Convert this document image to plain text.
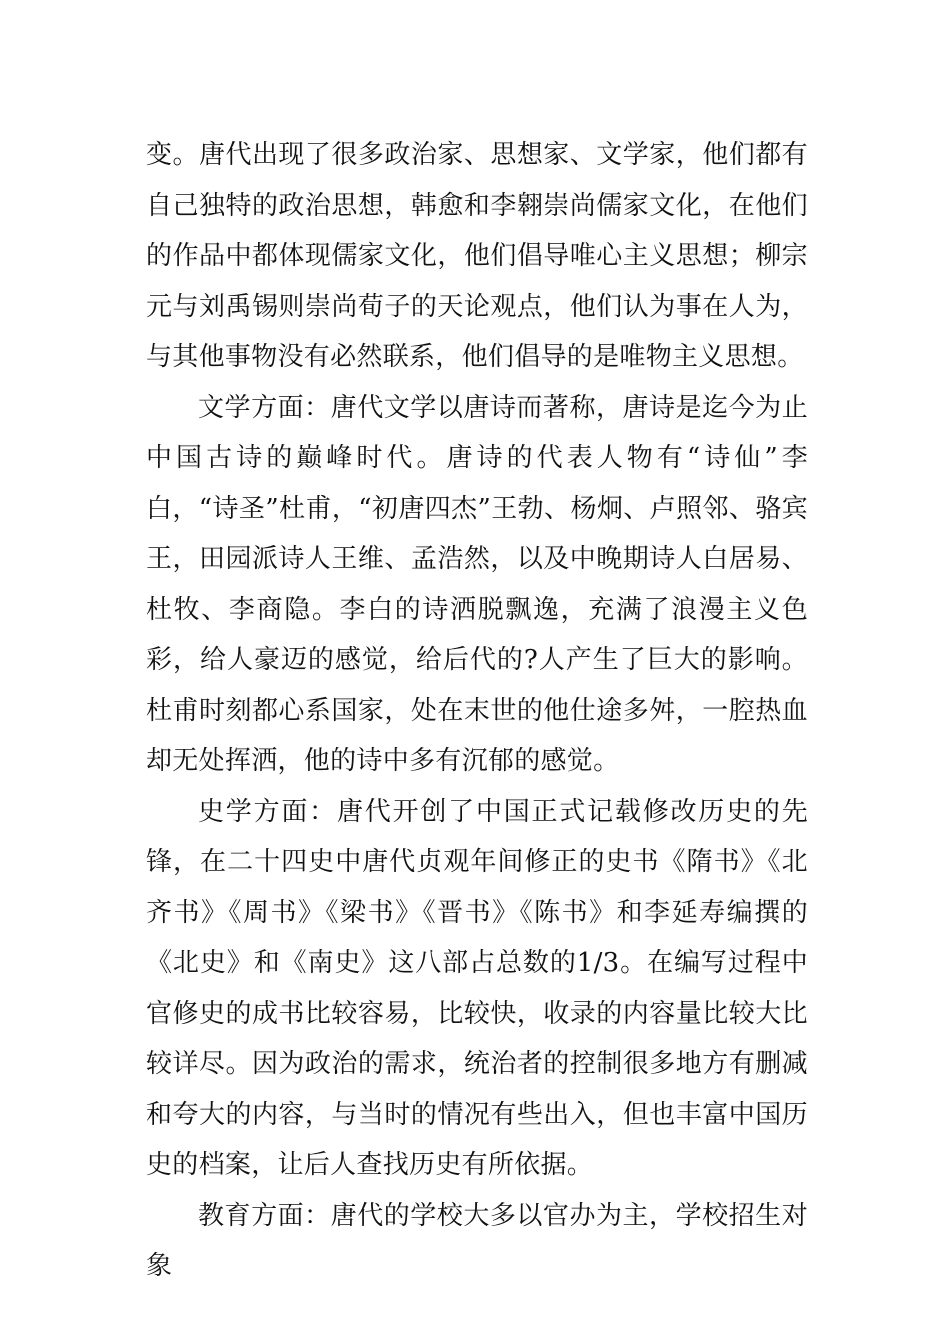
变。唐代出现了很多政治家、思想家、文学家，他们都有自己独特的政治思想，韩愈和李翱崇尚儒家文化，在他们的作品中都体现儒家文化，他们倡导唯心主义思想；柳宗元与刘禹锡则崇尚荀子的天论观点，他们认为事在人为，与其他事物没有必然联系，他们倡导的是唯物主义思想。

文学方面：唐代文学以唐诗而著称，唐诗是迄今为止中国古诗的巅峰时代。唐诗的代表人物有“诗仙”李白，“诗圣”杜甫，“初唐四杰”王勃、杨炯、卢照邻、骆宾王，田园派诗人王维、孟浩然，以及中晚期诗人白居易、杜牧、李商隐。李白的诗洒脱飘逸，充满了浪漫主义色彩，给人豪迈的感觉，给后代的?人产生了巨大的影响。杜甫时刻都心系国家，处在末世的他仕途多舛，一腔热血却无处挥洒，他的诗中多有沉郁的感觉。

史学方面：唐代开创了中国正式记载修改历史的先锋，在二十四史中唐代贞观年间修正的史书《隋书》《北齐书》《周书》《梁书》《晋书》《陈书》和李延寿编撰的《北史》和《南史》这八部占总数的1/3。在编写过程中官修史的成书比较容易，比较快，收录的内容量比较大比较详尽。因为政治的需求，统治者的控制很多地方有删减和夸大的内容，与当时的情况有些出入，但也丰富中国历史的档案，让后人查找历史有所依据。

教育方面：唐代的学校大多以官办为主，学校招生对象
